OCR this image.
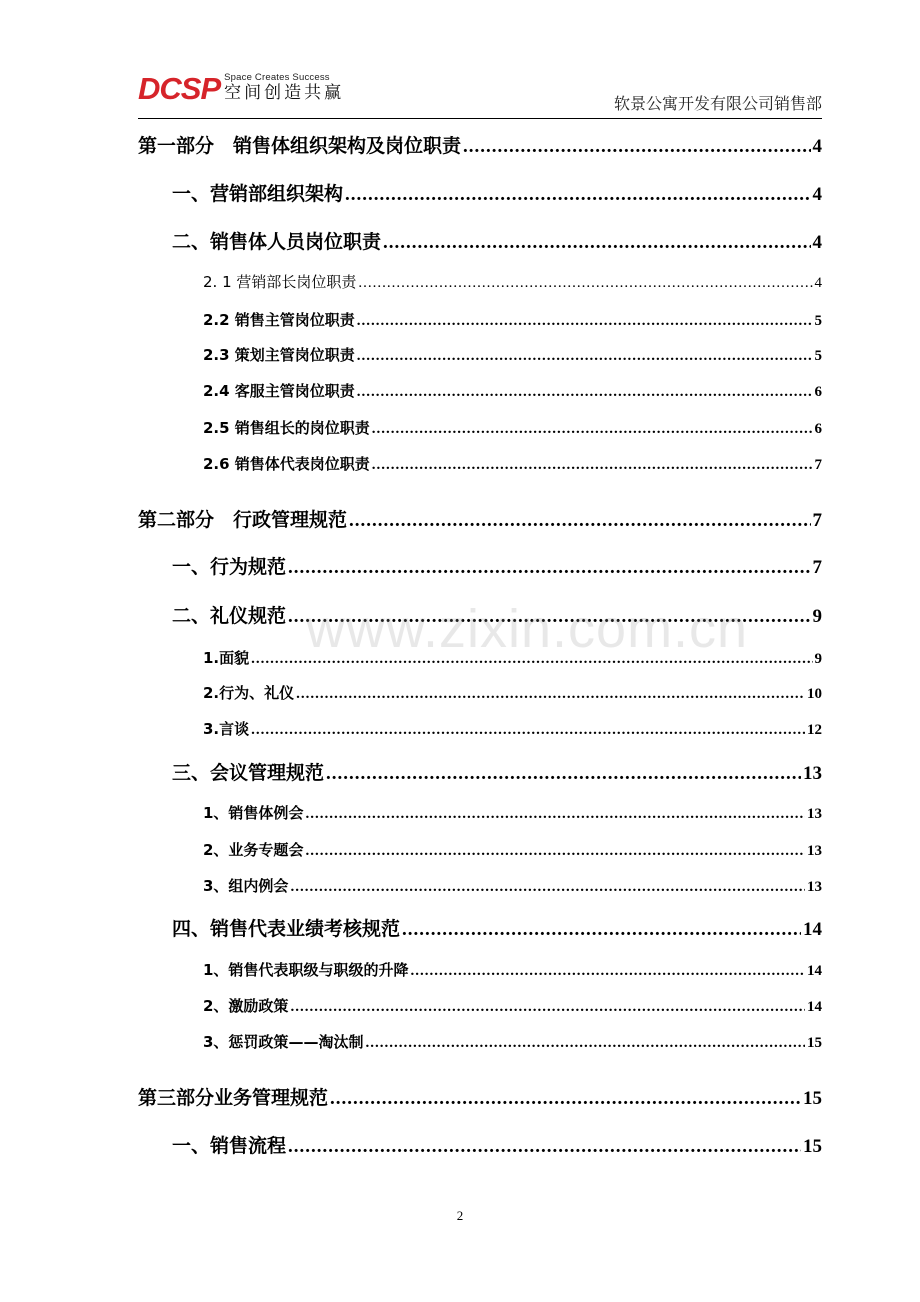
DCSP Space Creates Success
空间创造共赢
软景公寓开发有限公司销售部
第一部分　销售体组织架构及岗位职责 .....	4
一、营销部组织架构 .....	4
二、销售体人员岗位职责 .....	4
2. 1 营销部长岗位职责 .....	4
2.2 销售主管岗位职责 .....	5
2.3 策划主管岗位职责 .....	5
2.4 客服主管岗位职责 .....	6
2.5 销售组长的岗位职责 .....	6
2.6 销售体代表岗位职责 .....	7
第二部分　行政管理规范 .....	7
一、行为规范 .....	7
二、礼仪规范 .....	9
1.面貌 .....	9
2.行为、礼仪 .....	10
3.言谈 .....	12
三、会议管理规范 .....	13
1、销售体例会 .....	13
2、业务专题会 .....	13
3、组内例会 .....	13
四、销售代表业绩考核规范 .....	14
1、销售代表职级与职级的升降 .....	14
2、激励政策 .....	14
3、惩罚政策——淘汰制 .....	15
第三部分业务管理规范 .....	15
一、销售流程 .....	15
www.zixin.com.cn
2
